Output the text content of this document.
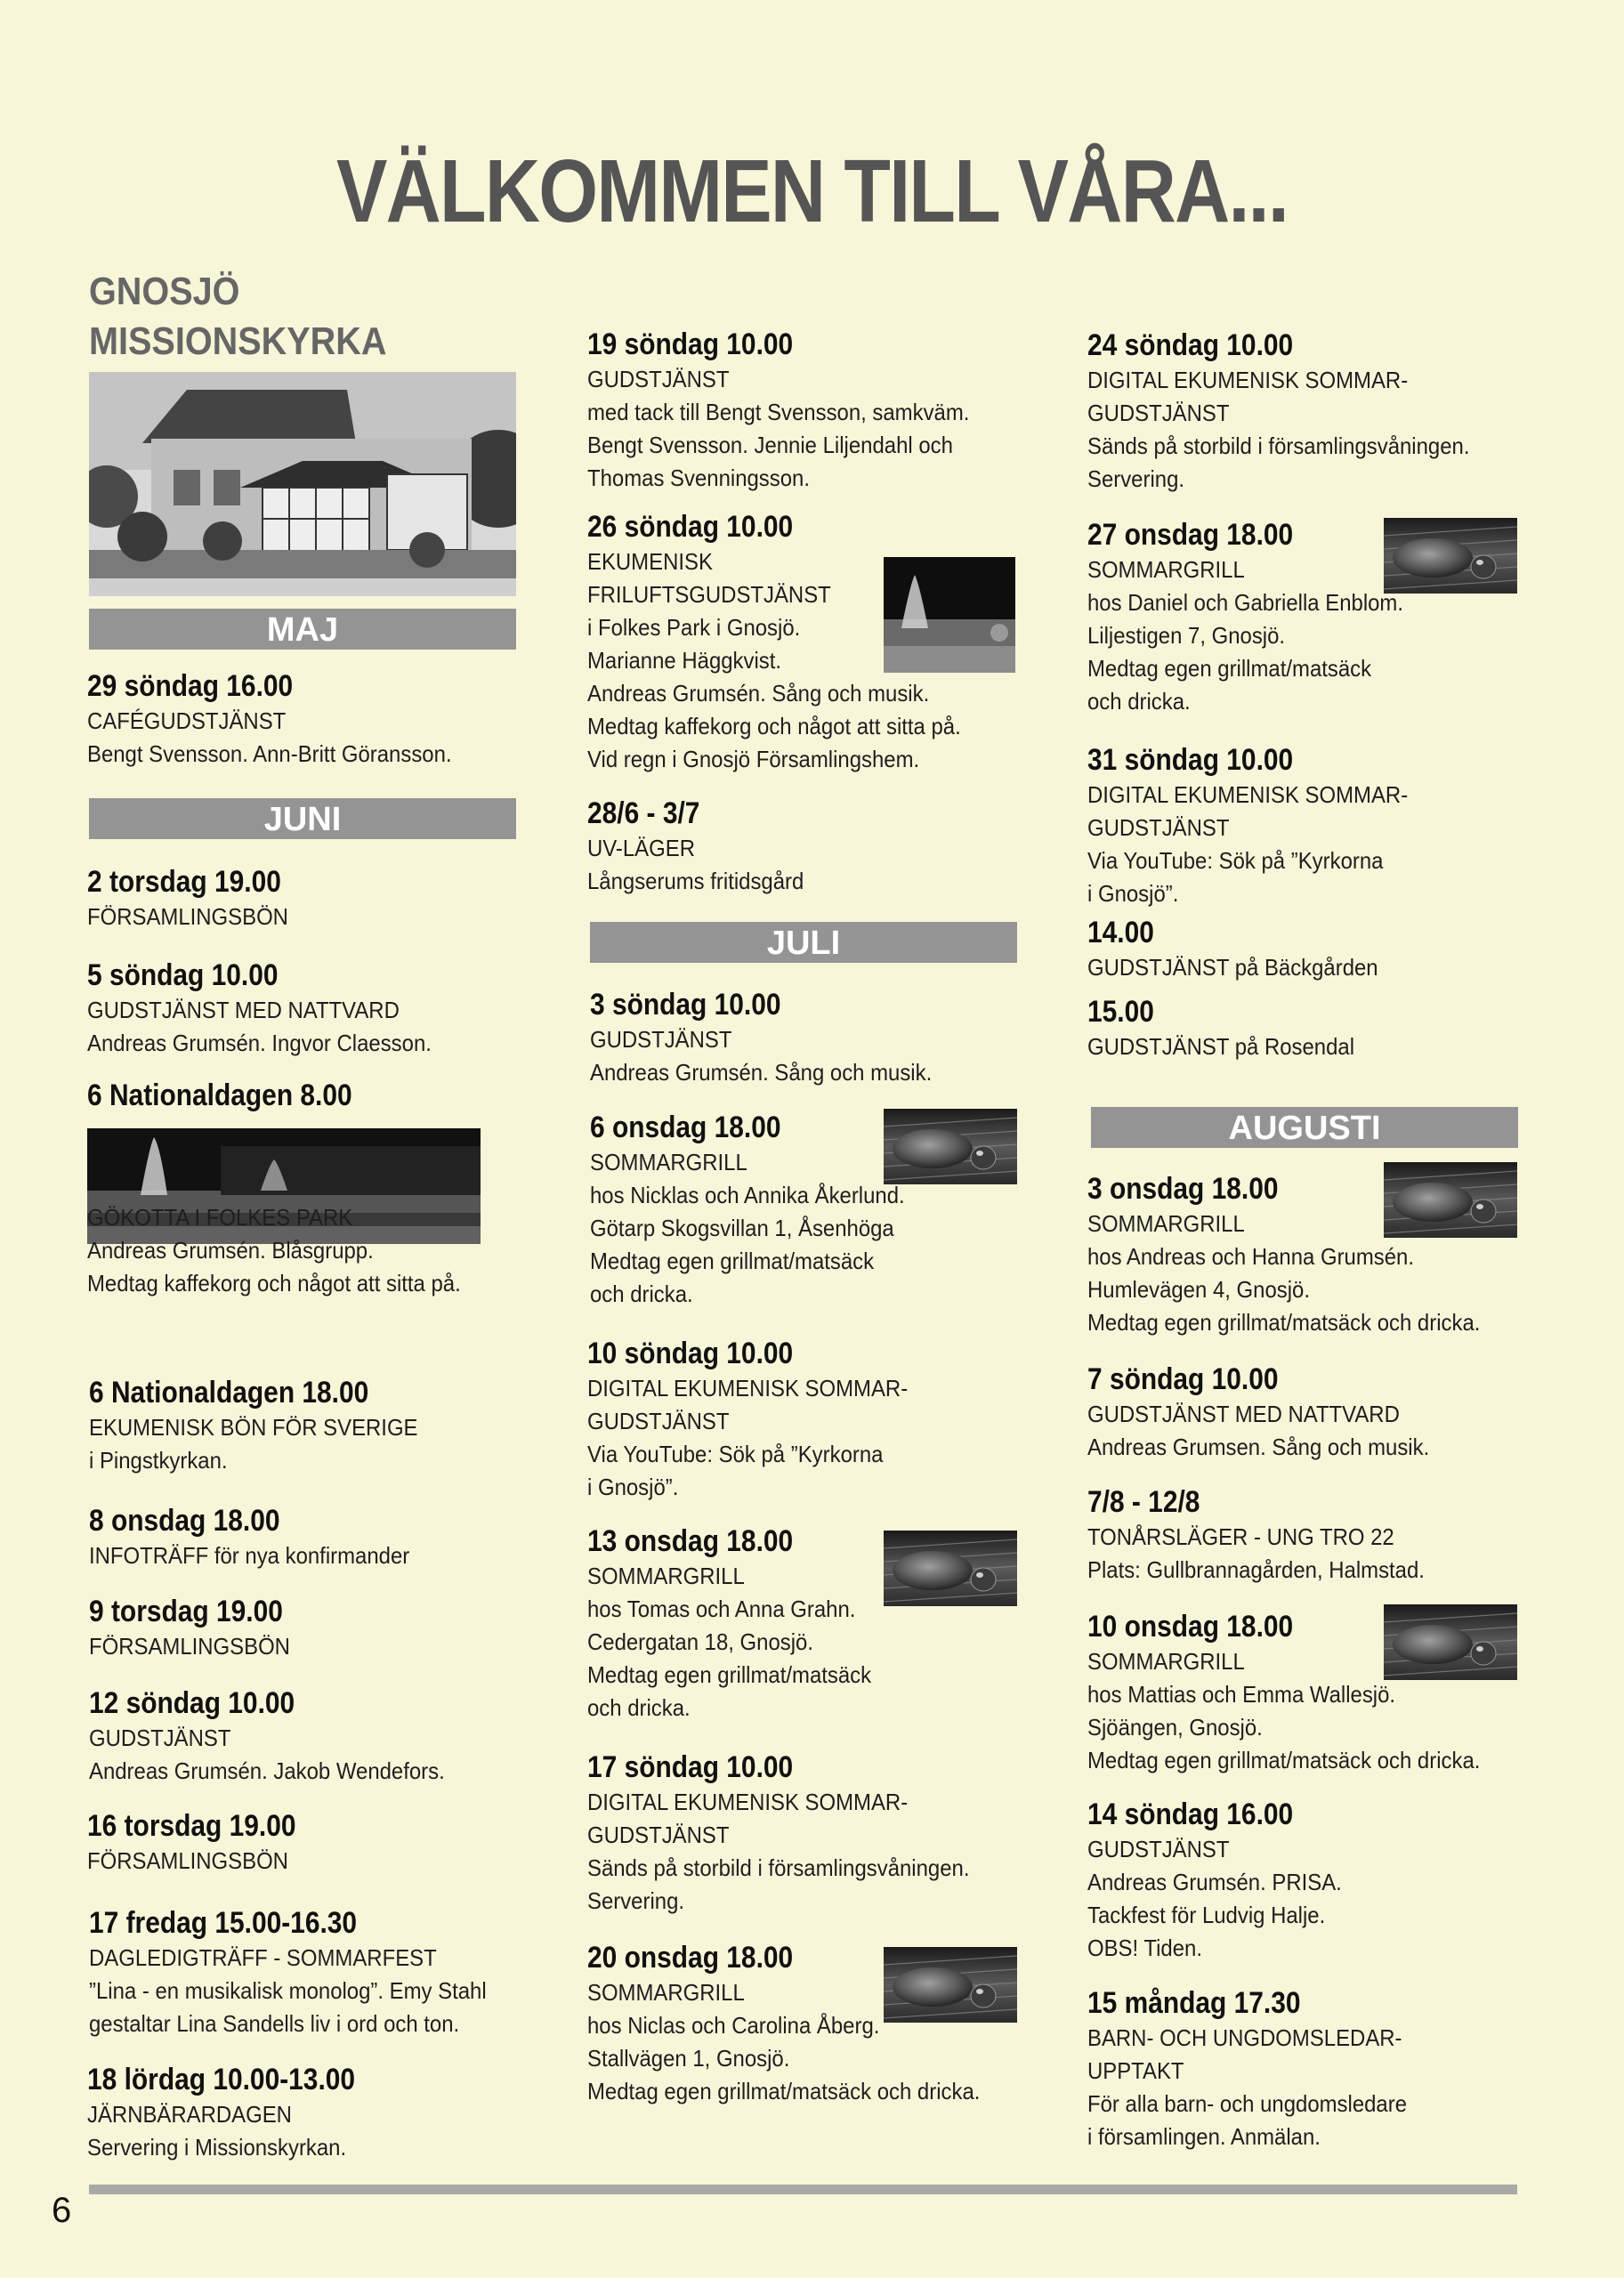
VÄLKOMMEN TILL VÅRA...
GNOSJÖ
MISSIONSKYRKA
MAJ
JUNI
JULI
AUGUSTI
29 söndag 16.00
CAFÉGUDSTJÄNST
Bengt Svensson. Ann-Britt Göransson.
2 torsdag 19.00
FÖRSAMLINGSBÖN
5 söndag 10.00
GUDSTJÄNST MED NATTVARD
Andreas Grumsén. Ingvor Claesson.
6 Nationaldagen 8.00
GÖKOTTA I FOLKES PARK
Andreas Grumsén. Blåsgrupp.
Medtag kaffekorg och något att sitta på.
6 Nationaldagen 18.00
EKUMENISK BÖN FÖR SVERIGE
i Pingstkyrkan.
8 onsdag 18.00
INFOTRÄFF för nya konfirmander
9 torsdag 19.00
FÖRSAMLINGSBÖN
12 söndag 10.00
GUDSTJÄNST
Andreas Grumsén. Jakob Wendefors.
16 torsdag 19.00
FÖRSAMLINGSBÖN
17 fredag 15.00-16.30
DAGLEDIGTRÄFF - SOMMARFEST
”Lina - en musikalisk monolog”. Emy Stahl
gestaltar Lina Sandells liv i ord och ton.
18 lördag 10.00-13.00
JÄRNBÄRARDAGEN
Servering i Missionskyrkan.
19 söndag 10.00
GUDSTJÄNST
med tack till Bengt Svensson, samkväm.
Bengt Svensson. Jennie Liljendahl och
Thomas Svenningsson.
26 söndag 10.00
EKUMENISK
FRILUFTSGUDSTJÄNST
i Folkes Park i Gnosjö.
Marianne Häggkvist.
Andreas Grumsén. Sång och musik.
Medtag kaffekorg och något att sitta på.
Vid regn i Gnosjö Församlingshem.
28/6 - 3/7
UV-LÄGER
Långserums fritidsgård
3 söndag 10.00
GUDSTJÄNST
Andreas Grumsén. Sång och musik.
6 onsdag 18.00
SOMMARGRILL
hos Nicklas och Annika Åkerlund.
Götarp Skogsvillan 1, Åsenhöga
Medtag egen grillmat/matsäck
och dricka.
10 söndag 10.00
DIGITAL EKUMENISK SOMMAR-
GUDSTJÄNST
Via YouTube: Sök på ”Kyrkorna
i Gnosjö”.
13 onsdag 18.00
SOMMARGRILL
hos Tomas och Anna Grahn.
Cedergatan 18, Gnosjö.
Medtag egen grillmat/matsäck
och dricka.
17 söndag 10.00
DIGITAL EKUMENISK SOMMAR-
GUDSTJÄNST
Sänds på storbild i församlingsvåningen.
Servering.
20 onsdag 18.00
SOMMARGRILL
hos Niclas och Carolina Åberg.
Stallvägen 1, Gnosjö.
Medtag egen grillmat/matsäck och dricka.
24 söndag 10.00
DIGITAL EKUMENISK SOMMAR-
GUDSTJÄNST
Sänds på storbild i församlingsvåningen.
Servering.
27 onsdag 18.00
SOMMARGRILL
hos Daniel och Gabriella Enblom.
Liljestigen 7, Gnosjö.
Medtag egen grillmat/matsäck
och dricka.
31 söndag 10.00
DIGITAL EKUMENISK SOMMAR-
GUDSTJÄNST
Via YouTube: Sök på ”Kyrkorna
i Gnosjö”.
14.00
GUDSTJÄNST på Bäckgården
15.00
GUDSTJÄNST på Rosendal
3 onsdag 18.00
SOMMARGRILL
hos Andreas och Hanna Grumsén.
Humlevägen 4, Gnosjö.
Medtag egen grillmat/matsäck och dricka.
7 söndag 10.00
GUDSTJÄNST MED NATTVARD
Andreas Grumsen. Sång och musik.
7/8 - 12/8
TONÅRSLÄGER - UNG TRO 22
Plats: Gullbrannagården, Halmstad.
10 onsdag 18.00
SOMMARGRILL
hos Mattias och Emma Wallesjö.
Sjöängen, Gnosjö.
Medtag egen grillmat/matsäck och dricka.
14 söndag 16.00
GUDSTJÄNST
Andreas Grumsén. PRISA.
Tackfest för Ludvig Halje.
OBS! Tiden.
15 måndag 17.30
BARN- OCH UNGDOMSLEDAR-
UPPTAKT
För alla barn- och ungdomsledare
i församlingen. Anmälan.
6
